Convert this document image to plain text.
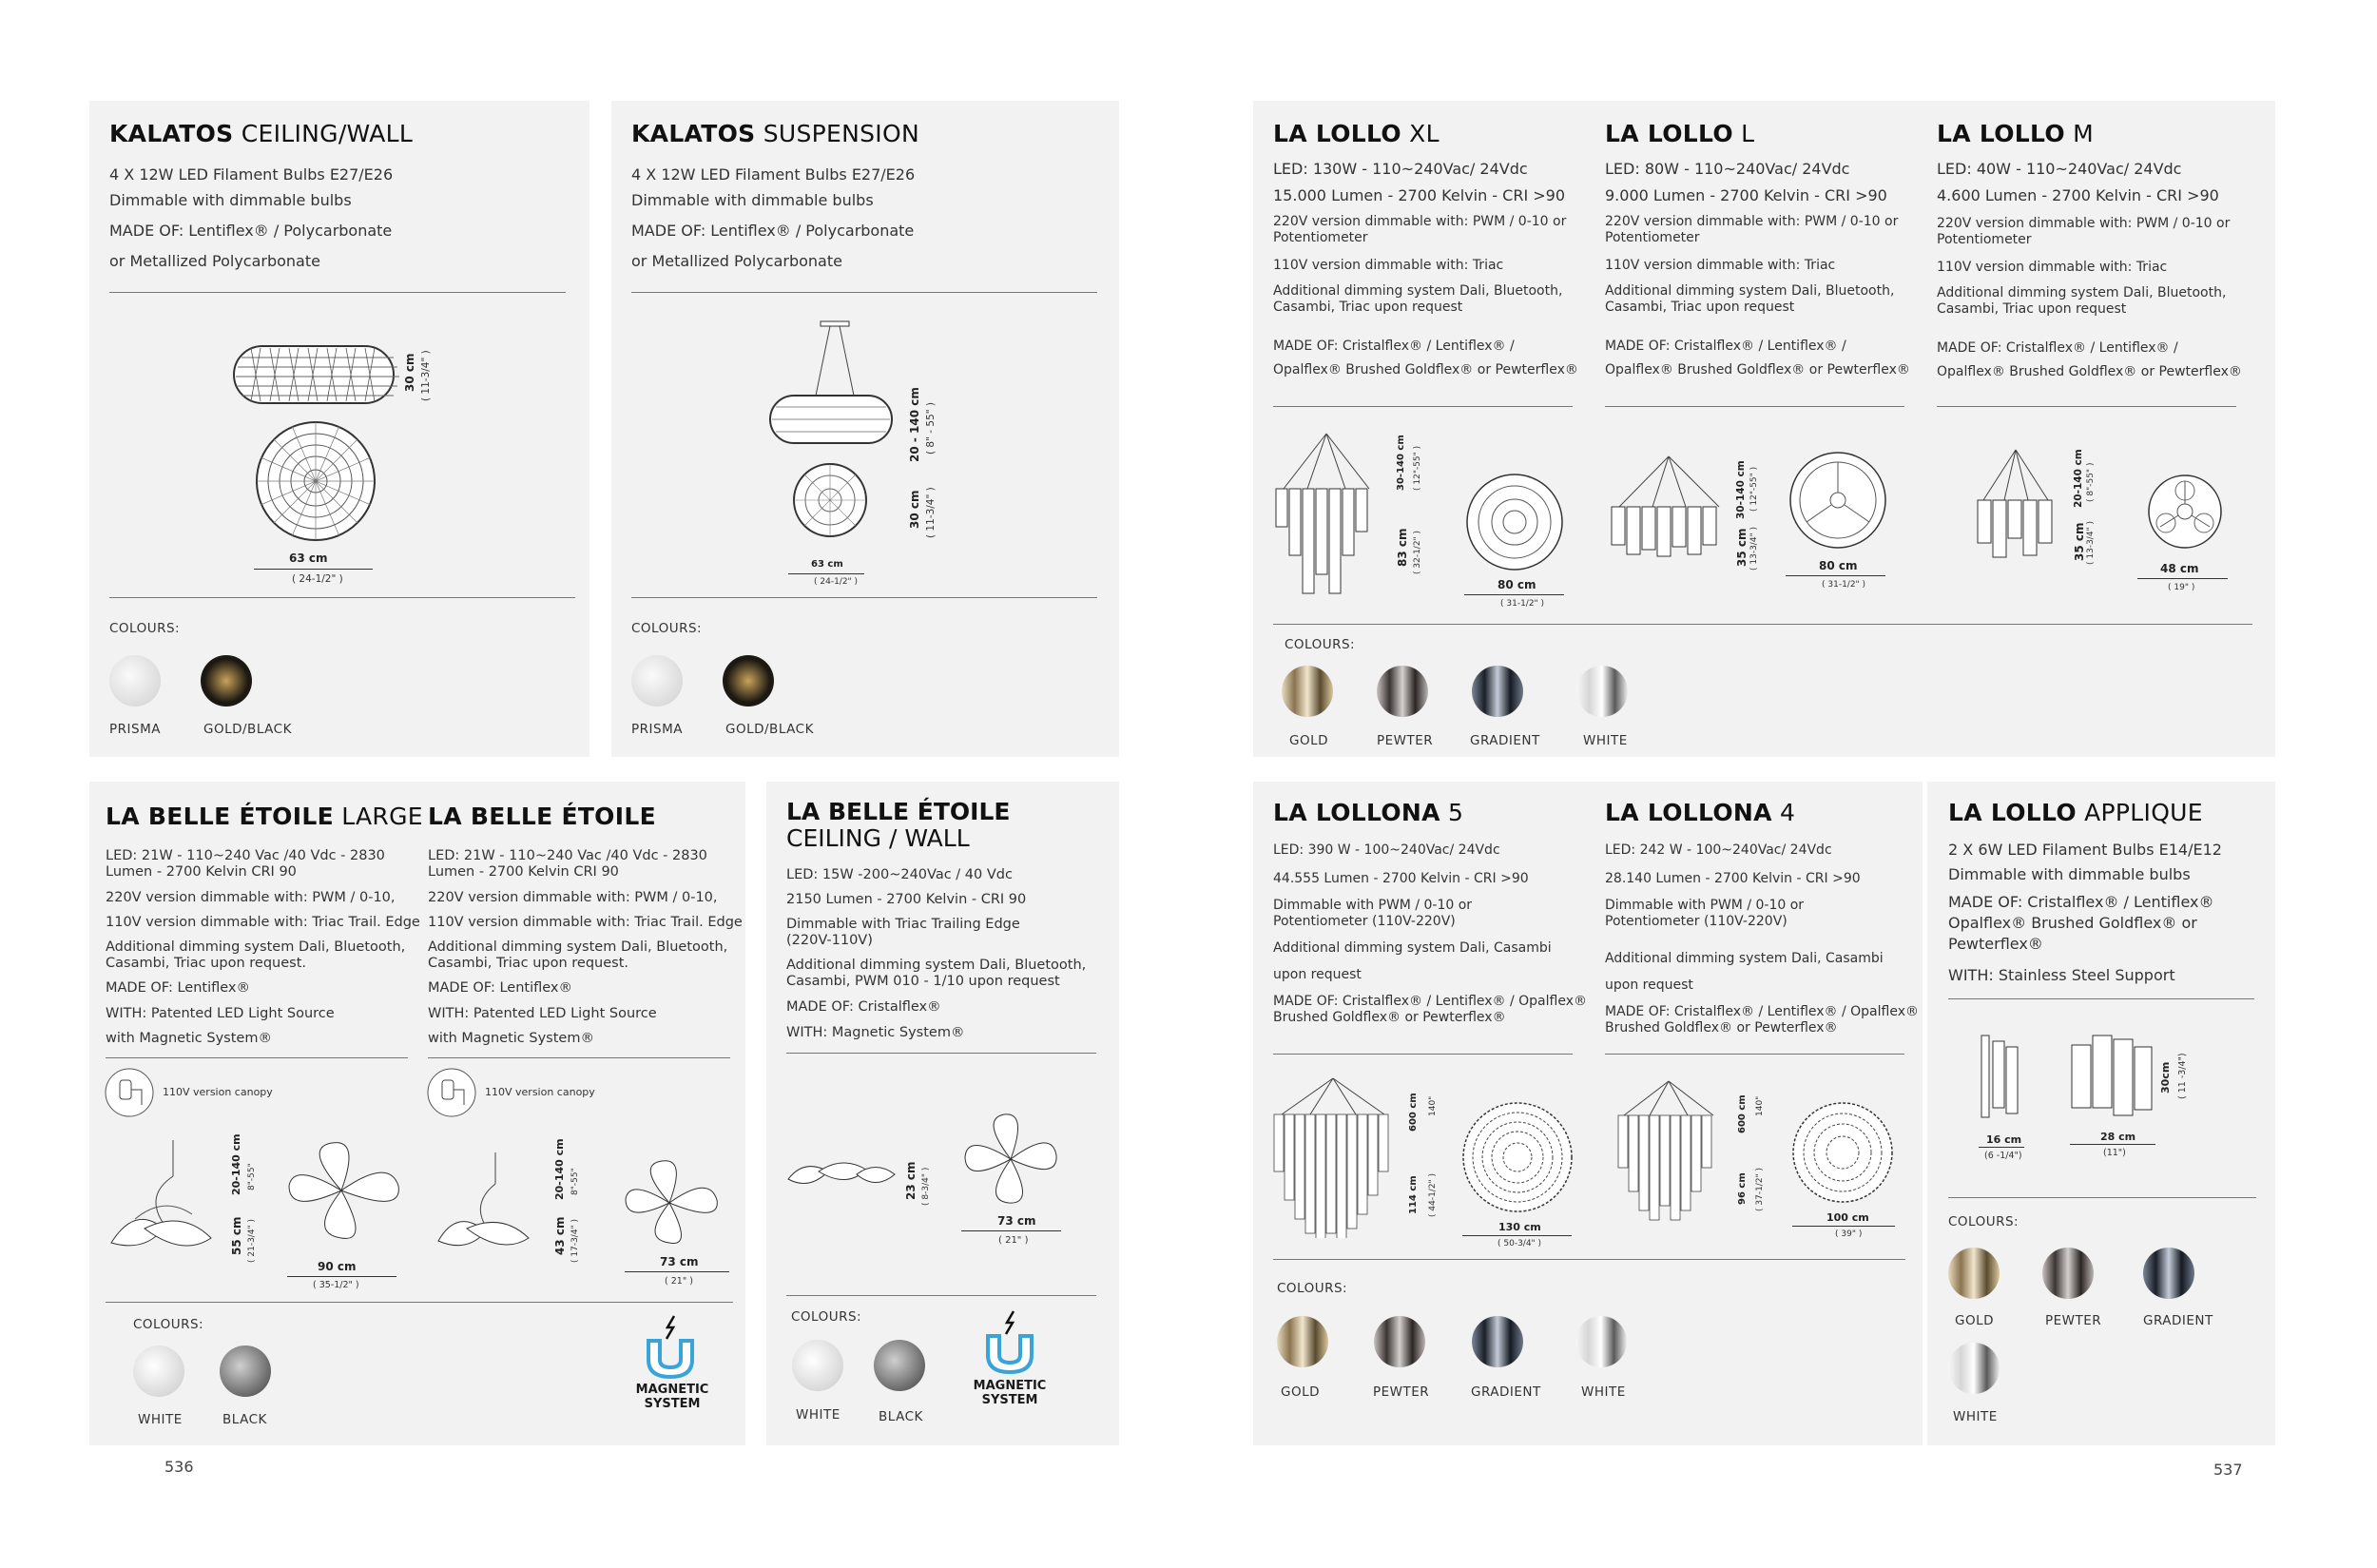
KALATOS CEILING/WALL
4 X 12W LED Filament Bulbs E27/E26
Dimmable with dimmable bulbs
MADE OF: Lentiflex® / Polycarbonate
or Metallized Polycarbonate
30 cm ( 11-3/4" )
63 cm
( 24-1/2" )
COLOURS:
PRISMA	GOLD/BLACK
KALATOS SUSPENSION
4 X 12W LED Filament Bulbs E27/E26
Dimmable with dimmable bulbs
MADE OF: Lentiflex® / Polycarbonate
or Metallized Polycarbonate
20 - 140 cm ( 8" - 55" )
30 cm ( 11-3/4" )
63 cm
( 24-1/2" )
COLOURS:
PRISMA	GOLD/BLACK
LA LOLLO XL
LED: 130W - 110~240Vac/ 24Vdc
15.000 Lumen - 2700 Kelvin - CRI >90
220V version dimmable with: PWM / 0-10 or
Potentiometer
110V version dimmable with: Triac
Additional dimming system Dali, Bluetooth,
Casambi, Triac upon request
MADE OF: Cristalflex® / Lentiflex® /
Opalflex® Brushed Goldflex® or Pewterflex®
30-140 cm ( 12"-55" )
83 cm ( 32-1/2" )
80 cm
( 31-1/2" )
LA LOLLO L
LED: 80W - 110~240Vac/ 24Vdc
9.000 Lumen - 2700 Kelvin - CRI >90
220V version dimmable with: PWM / 0-10 or
Potentiometer
110V version dimmable with: Triac
Additional dimming system Dali, Bluetooth,
Casambi, Triac upon request
MADE OF: Cristalflex® / Lentiflex® /
Opalflex® Brushed Goldflex® or Pewterflex®
30-140 cm ( 12"-55" )
35 cm ( 13-3/4" )	80 cm
( 31-1/2" )
LA LOLLO M
LED: 40W - 110~240Vac/ 24Vdc
4.600 Lumen - 2700 Kelvin - CRI >90
220V version dimmable with: PWM / 0-10 or
Potentiometer
110V version dimmable with: Triac
Additional dimming system Dali, Bluetooth,
Casambi, Triac upon request
MADE OF: Cristalflex® / Lentiflex® /
Opalflex® Brushed Goldflex® or Pewterflex®
20-140 cm ( 8"-55" )
35 cm ( 13-3/4" )
48 cm
( 19" )
COLOURS:
GOLD	PEWTER	GRADIENT	WHITE
LA BELLE ÉTOILE LARGE
LED: 21W - 110~240 Vac /40 Vdc - 2830
Lumen - 2700 Kelvin CRI 90
220V version dimmable with: PWM / 0-10,
110V version dimmable with: Triac Trail. Edge
Additional dimming system Dali, Bluetooth,
Casambi, Triac upon request.
MADE OF: Lentiflex®
WITH: Patented LED Light Source
with Magnetic System®
110V version canopy
20-140 cm 8"-55"
55 cm ( 21-3/4" )
90 cm
( 35-1/2" )
LA BELLE ÉTOILE
LED: 21W - 110~240 Vac /40 Vdc - 2830
Lumen - 2700 Kelvin CRI 90
220V version dimmable with: PWM / 0-10,
110V version dimmable with: Triac Trail. Edge
Additional dimming system Dali, Bluetooth,
Casambi, Triac upon request.
MADE OF: Lentiflex®
WITH: Patented LED Light Source
with Magnetic System®
110V version canopy
20-140 cm 8"-55"
43 cm ( 17-3/4" )	73 cm
( 21" )
COLOURS:
WHITE	BLACK
MAGNETIC
SYSTEM
LA BELLE ÉTOILE
CEILING / WALL
LED: 15W -200~240Vac / 40 Vdc
2150 Lumen - 2700 Kelvin - CRI 90
Dimmable with Triac Trailing Edge
(220V-110V)
Additional dimming system Dali, Bluetooth,
Casambi, PWM 010 - 1/10 upon request
MADE OF: Cristalflex®
WITH: Magnetic System®
23 cm ( 8-3/4" )
73 cm
( 21" )
COLOURS:
WHITE	BLACK
MAGNETIC
SYSTEM
LA LOLLONA 5
LED: 390 W - 100~240Vac/ 24Vdc
44.555 Lumen - 2700 Kelvin - CRI >90
Dimmable with PWM / 0-10 or
Potentiometer (110V-220V)
Additional dimming system Dali, Casambi
upon request
MADE OF: Cristalflex® / Lentiflex® / Opalflex®
Brushed Goldflex® or Pewterflex®
600 cm 140"
114 cm ( 44-1/2" )
130 cm
( 50-3/4" )
LA LOLLONA 4
LED: 242 W - 100~240Vac/ 24Vdc
28.140 Lumen - 2700 Kelvin - CRI >90
Dimmable with PWM / 0-10 or
Potentiometer (110V-220V)
Additional dimming system Dali, Casambi
upon request
MADE OF: Cristalflex® / Lentiflex® / Opalflex®
Brushed Goldflex® or Pewterflex®
600 cm 140"
96 cm ( 37-1/2" )
100 cm
( 39" )
COLOURS:
GOLD	PEWTER	GRADIENT	WHITE
LA LOLLO APPLIQUE
2 X 6W LED Filament Bulbs E14/E12
Dimmable with dimmable bulbs
MADE OF: Cristalflex® / Lentiflex®
Opalflex® Brushed Goldflex® or
Pewterflex®
WITH: Stainless Steel Support
16 cm
(6 -1/4")
28 cm
(11")
30cm ( 11 -3/4")
COLOURS:
GOLD	PEWTER	GRADIENT
WHITE
536	537
